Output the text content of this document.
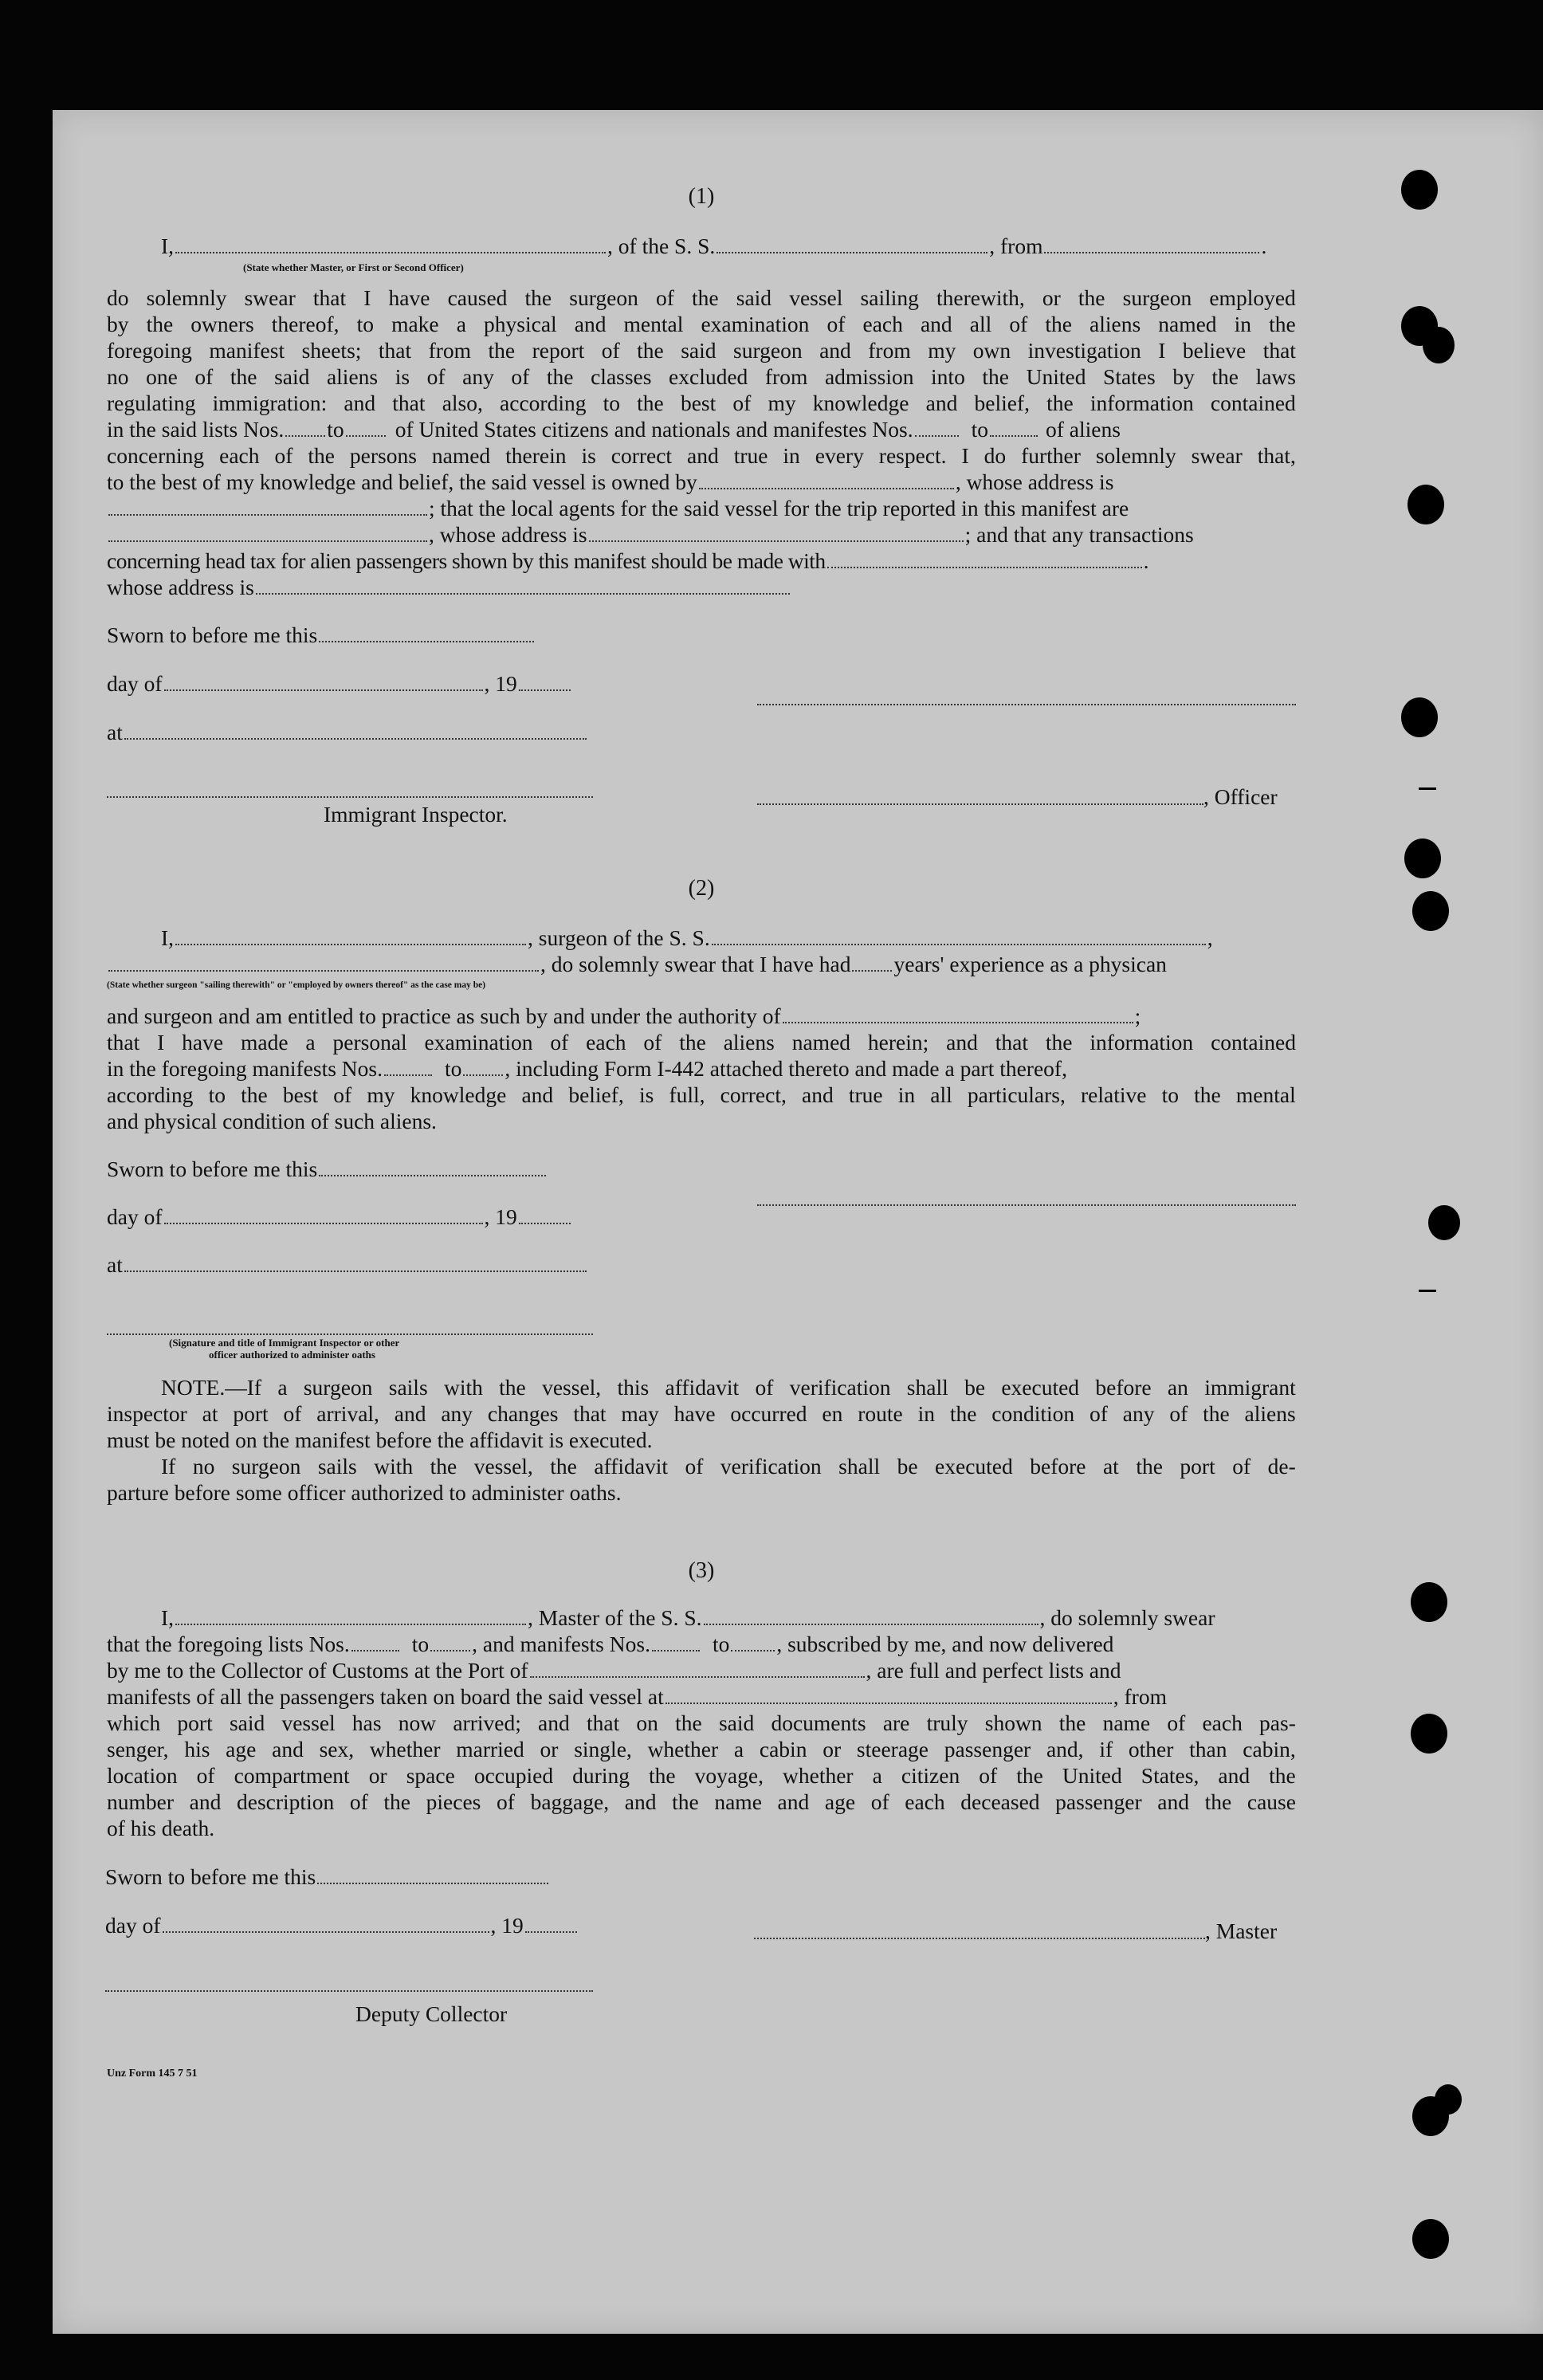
(1)
I,	, of the S. S.	, from	.
(State whether Master, or First or Second Officer)
do solemnly swear that I have caused the surgeon of the said vessel sailing therewith, or the surgeon employed
by the owners thereof, to make a physical and mental examination of each and all of the aliens named in the
foregoing manifest sheets; that from the report of the said surgeon and from my own investigation I believe that
no one of the said aliens is of any of the classes excluded from admission into the United States by the laws
regulating immigration: and that also, according to the best of my knowledge and belief, the information contained
in the said lists Nos. to of United States citizens and nationals and manifestes Nos.	to	of aliens
concerning each of the persons named therein is correct and true in every respect. I do further solemnly swear that,
to the best of my knowledge and belief, the said vessel is owned by	, whose address is
; that the local agents for the said vessel for the trip reported in this manifest are
, whose address is	; and that any transactions
concerning head tax for alien passengers shown by this manifest should be made with	.
whose address is
Sworn to before me this
day of	, 19
at
Immigrant Inspector.
, Officer
(2)
I,	, surgeon of the S. S.	,
, do solemnly swear that I have had years' experience as a physican
(State whether surgeon "sailing therewith" or "employed by owners thereof" as the case may be)
and surgeon and am entitled to practice as such by and under the authority of	;
that I have made a personal examination of each of the aliens named herein; and that the information contained
in the foregoing manifests Nos.	to , including Form I-442 attached thereto and made a part thereof,
according to the best of my knowledge and belief, is full, correct, and true in all particulars, relative to the mental
and physical condition of such aliens.
Sworn to before me this
day of	, 19
at
(Signature and title of Immigrant Inspector or other
officer authorized to administer oaths
NOTE.—If a surgeon sails with the vessel, this affidavit of verification shall be executed before an immigrant
inspector at port of arrival, and any changes that may have occurred en route in the condition of any of the aliens
must be noted on the manifest before the affidavit is executed.
If no surgeon sails with the vessel, the affidavit of verification shall be executed before at the port of de-
parture before some officer authorized to administer oaths.
(3)
I,	, Master of the S. S.	, do solemnly swear
that the foregoing lists Nos.	to , and manifests Nos.	to , subscribed by me, and now delivered
by me to the Collector of Customs at the Port of	, are full and perfect lists and
manifests of all the passengers taken on board the said vessel at	, from
which port said vessel has now arrived; and that on the said documents are truly shown the name of each pas-
senger, his age and sex, whether married or single, whether a cabin or steerage passenger and, if other than cabin,
location of compartment or space occupied during the voyage, whether a citizen of the United States, and the
number and description of the pieces of baggage, and the name and age of each deceased passenger and the cause
of his death.
Sworn to before me this
day of	, 19	, Master
Deputy Collector
Unz Form 145 7 51
